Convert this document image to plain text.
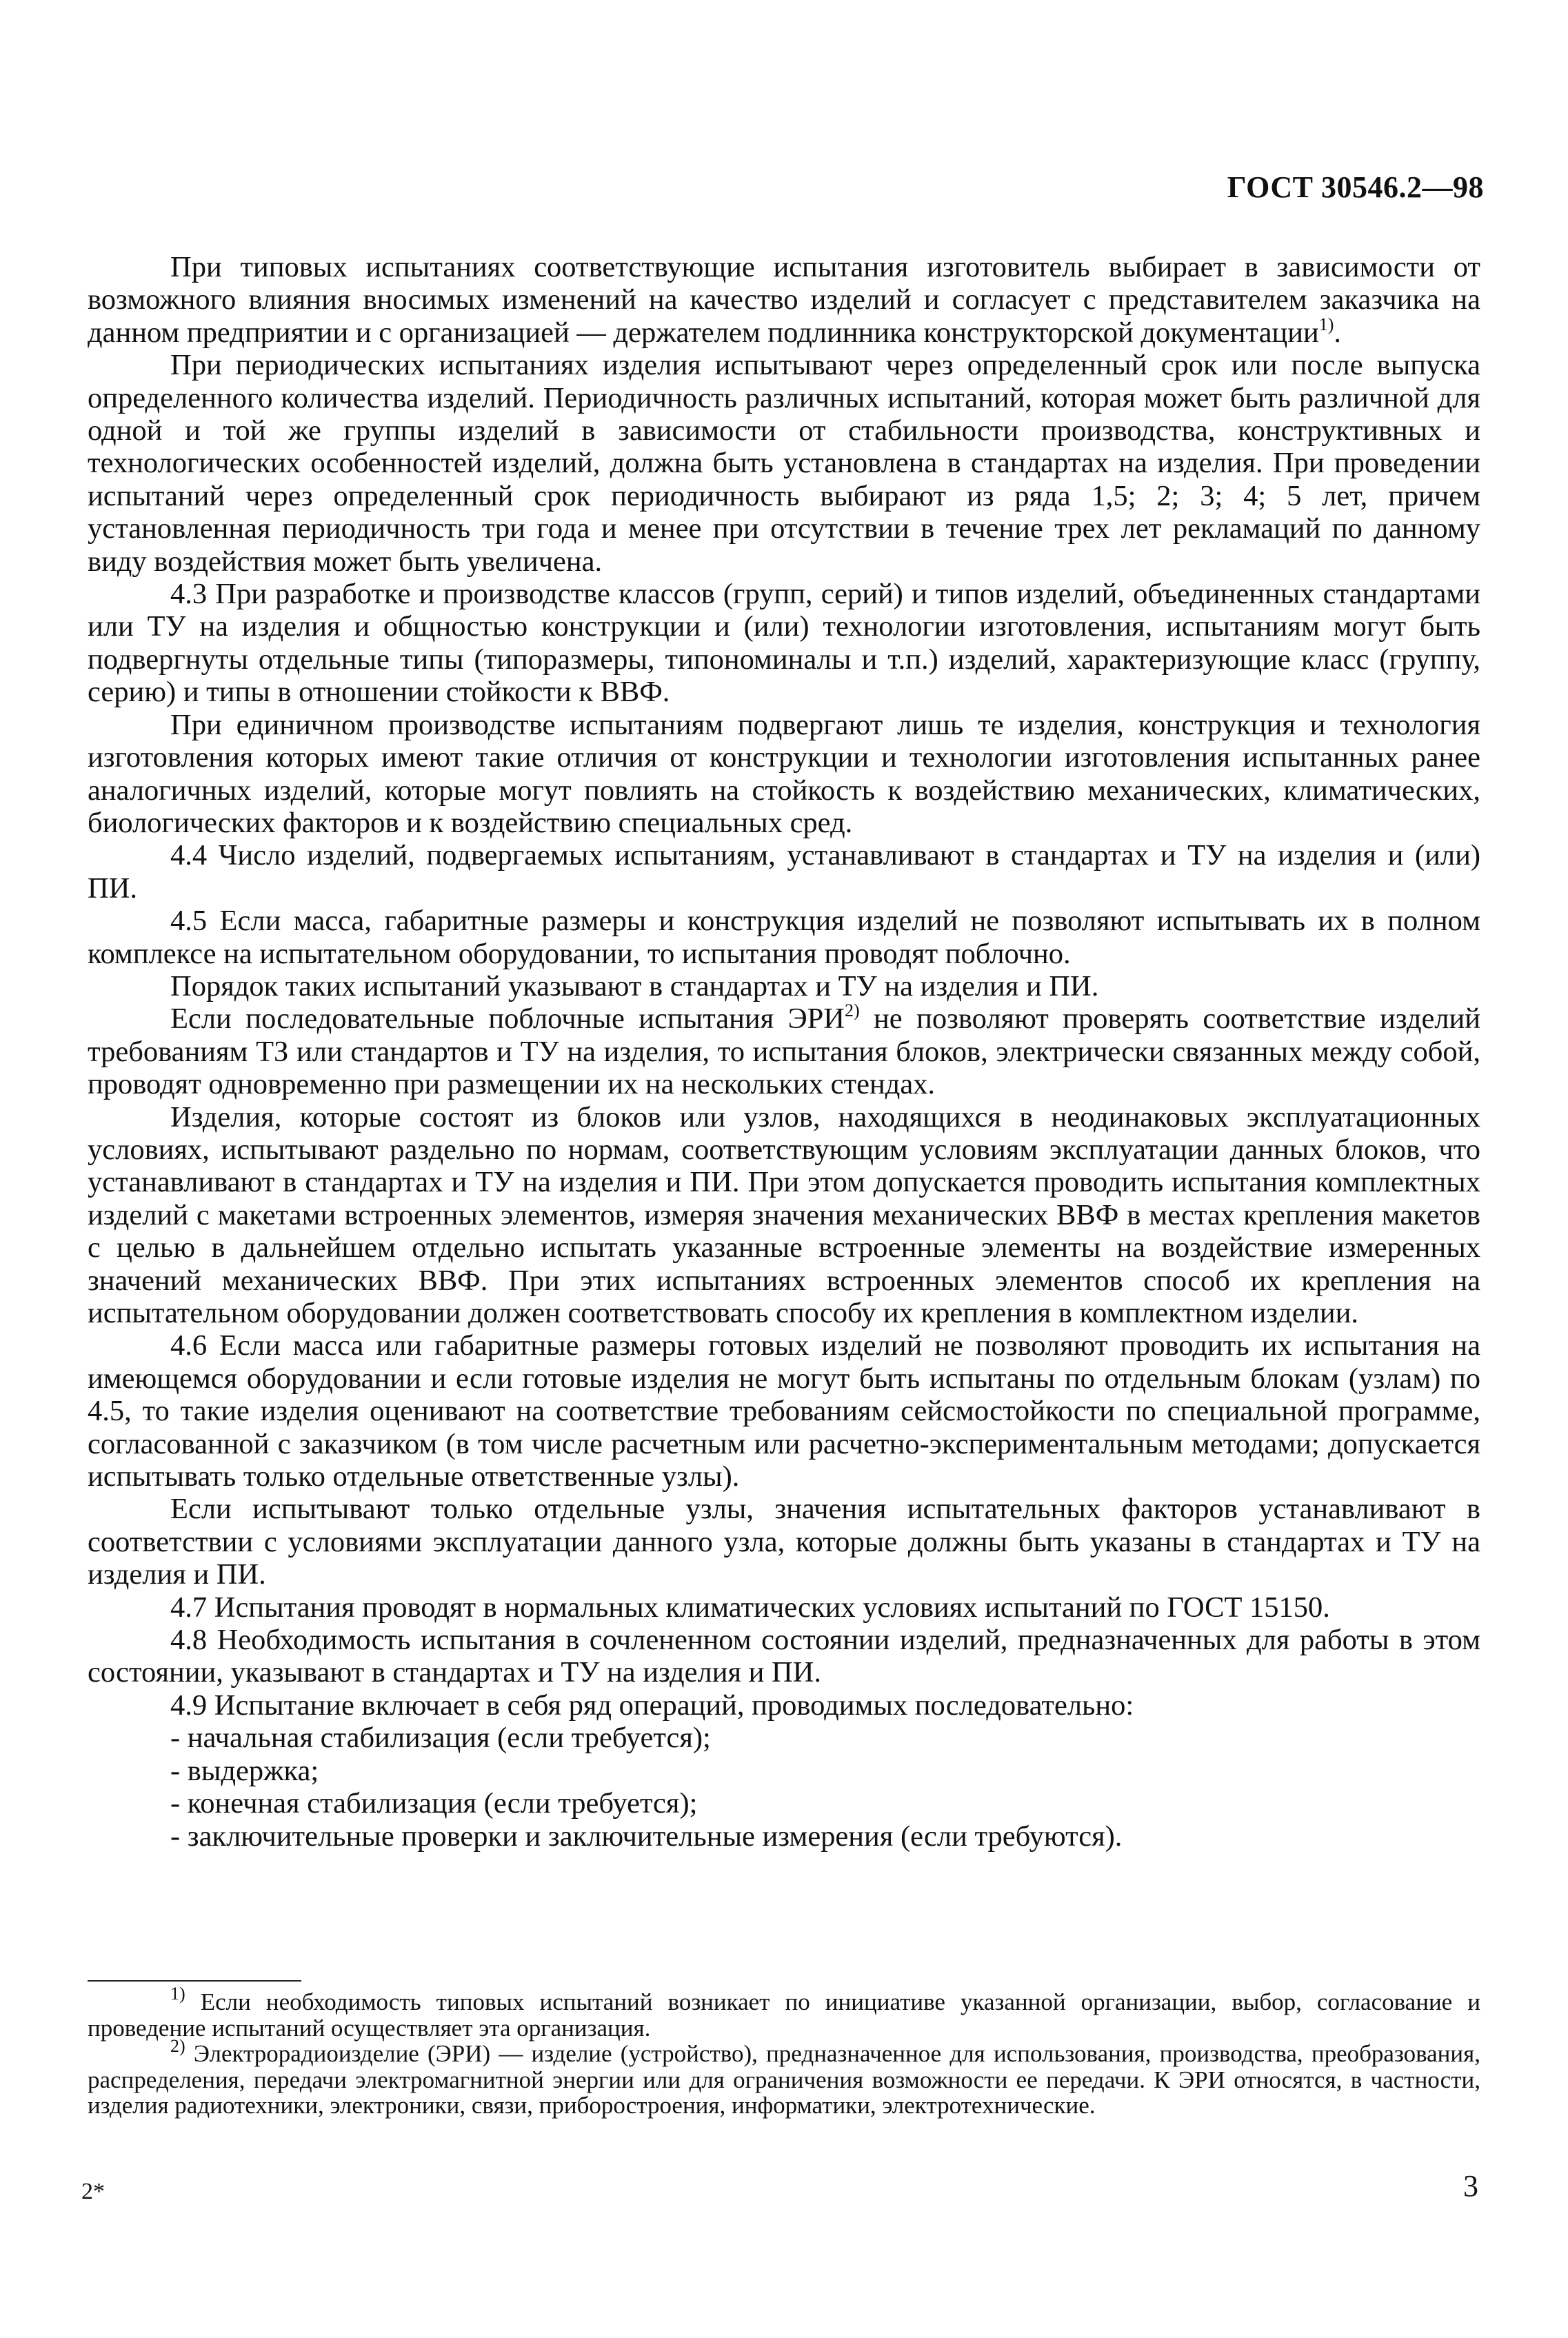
ГОСТ 30546.2—98

При типовых испытаниях соответствующие испытания изготовитель выбирает в зависимости от возможного влияния вносимых изменений на качество изделий и согласует с представителем заказчика на данном предприятии и с организацией — держателем подлинника конструкторской документации$^{1)}$.

При периодических испытаниях изделия испытывают через определенный срок или после выпуска определенного количества изделий. Периодичность различных испытаний, которая может быть различной для одной и той же группы изделий в зависимости от стабильности производства, конструктивных и технологических особенностей изделий, должна быть установлена в стандартах на изделия. При проведении испытаний через определенный срок периодичность выбирают из ряда 1,5; 2; 3; 4; 5 лет, причем установленная периодичность три года и менее при отсутствии в течение трех лет рекламаций по данному виду воздействия может быть увеличена.

4.3 При разработке и производстве классов (групп, серий) и типов изделий, объединенных стандартами или ТУ на изделия и общностью конструкции и (или) технологии изготовления, испытаниям могут быть подвергнуты отдельные типы (типоразмеры, типономиналы и т.п.) изделий, характеризующие класс (группу, серию) и типы в отношении стойкости к ВВФ.

При единичном производстве испытаниям подвергают лишь те изделия, конструкция и технология изготовления которых имеют такие отличия от конструкции и технологии изготовления испытанных ранее аналогичных изделий, которые могут повлиять на стойкость к воздействию механических, климатических, биологических факторов и к воздействию специальных сред.

4.4 Число изделий, подвергаемых испытаниям, устанавливают в стандартах и ТУ на изделия и (или) ПИ.

4.5 Если масса, габаритные размеры и конструкция изделий не позволяют испытывать их в полном комплексе на испытательном оборудовании, то испытания проводят поблочно.

Порядок таких испытаний указывают в стандартах и ТУ на изделия и ПИ.

Если последовательные поблочные испытания ЭРИ$^{2)}$ не позволяют проверять соответствие изделий требованиям ТЗ или стандартов и ТУ на изделия, то испытания блоков, электрически связанных между собой, проводят одновременно при размещении их на нескольких стендах.

Изделия, которые состоят из блоков или узлов, находящихся в неодинаковых эксплуатационных условиях, испытывают раздельно по нормам, соответствующим условиям эксплуатации данных блоков, что устанавливают в стандартах и ТУ на изделия и ПИ. При этом допускается проводить испытания комплектных изделий с макетами встроенных элементов, измеряя значения механических ВВФ в местах крепления макетов с целью в дальнейшем отдельно испытать указанные встроенные элементы на воздействие измеренных значений механических ВВФ. При этих испытаниях встроенных элементов способ их крепления на испытательном оборудовании должен соответствовать способу их крепления в комплектном изделии.

4.6 Если масса или габаритные размеры готовых изделий не позволяют проводить их испытания на имеющемся оборудовании и если готовые изделия не могут быть испытаны по отдельным блокам (узлам) по 4.5, то такие изделия оценивают на соответствие требованиям сейсмостойкости по специальной программе, согласованной с заказчиком (в том числе расчетным или расчетно-экспериментальным методами; допускается испытывать только отдельные ответственные узлы).

Если испытывают только отдельные узлы, значения испытательных факторов устанавливают в соответствии с условиями эксплуатации данного узла, которые должны быть указаны в стандартах и ТУ на изделия и ПИ.

4.7 Испытания проводят в нормальных климатических условиях испытаний по ГОСТ 15150.

4.8 Необходимость испытания в сочлененном состоянии изделий, предназначенных для работы в этом состоянии, указывают в стандартах и ТУ на изделия и ПИ.

4.9 Испытание включает в себя ряд операций, проводимых последовательно:

- начальная стабилизация (если требуется);

- выдержка;

- конечная стабилизация (если требуется);

- заключительные проверки и заключительные измерения (если требуются).

$^{1)}$ Если необходимость типовых испытаний возникает по инициативе указанной организации, выбор, согласование и проведение испытаний осуществляет эта организация.

$^{2)}$ Электрорадиоизделие (ЭРИ) — изделие (устройство), предназначенное для использования, производства, преобразования, распределения, передачи электромагнитной энергии или для ограничения возможности ее передачи. К ЭРИ относятся, в частности, изделия радиотехники, электроники, связи, приборостроения, информатики, электротехнические.

2*	3
